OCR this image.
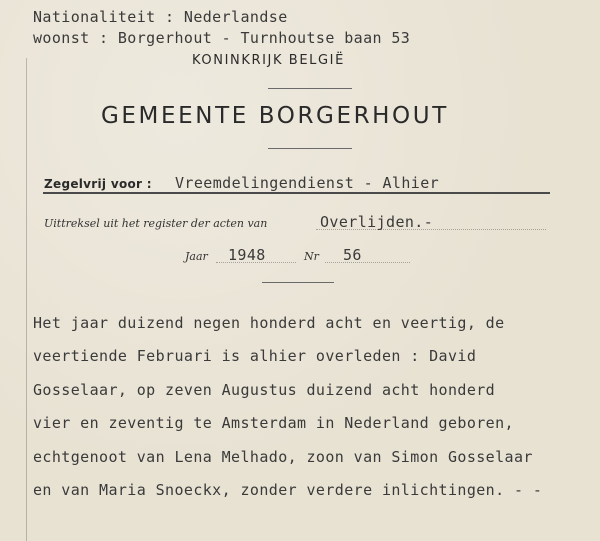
Nationaliteit : Nederlandse
woonst : Borgerhout - Turnhoutse baan 53
KONINKRIJK BELGIË
GEMEENTE BORGERHOUT
Zegelvrij voor : Vreemdelingendienst - Alhier
Uittreksel uit het register der acten van	Overlijden.-
Jaar 1948	Nr 56
Het jaar duizend negen honderd acht en veertig, de
veertiende Februari is alhier overleden : David
Gosselaar, op zeven Augustus duizend acht honderd
vier en zeventig te Amsterdam in Nederland geboren,
echtgenoot van Lena Melhado, zoon van Simon Gosselaar
en van Maria Snoeckx, zonder verdere inlichtingen. - -
